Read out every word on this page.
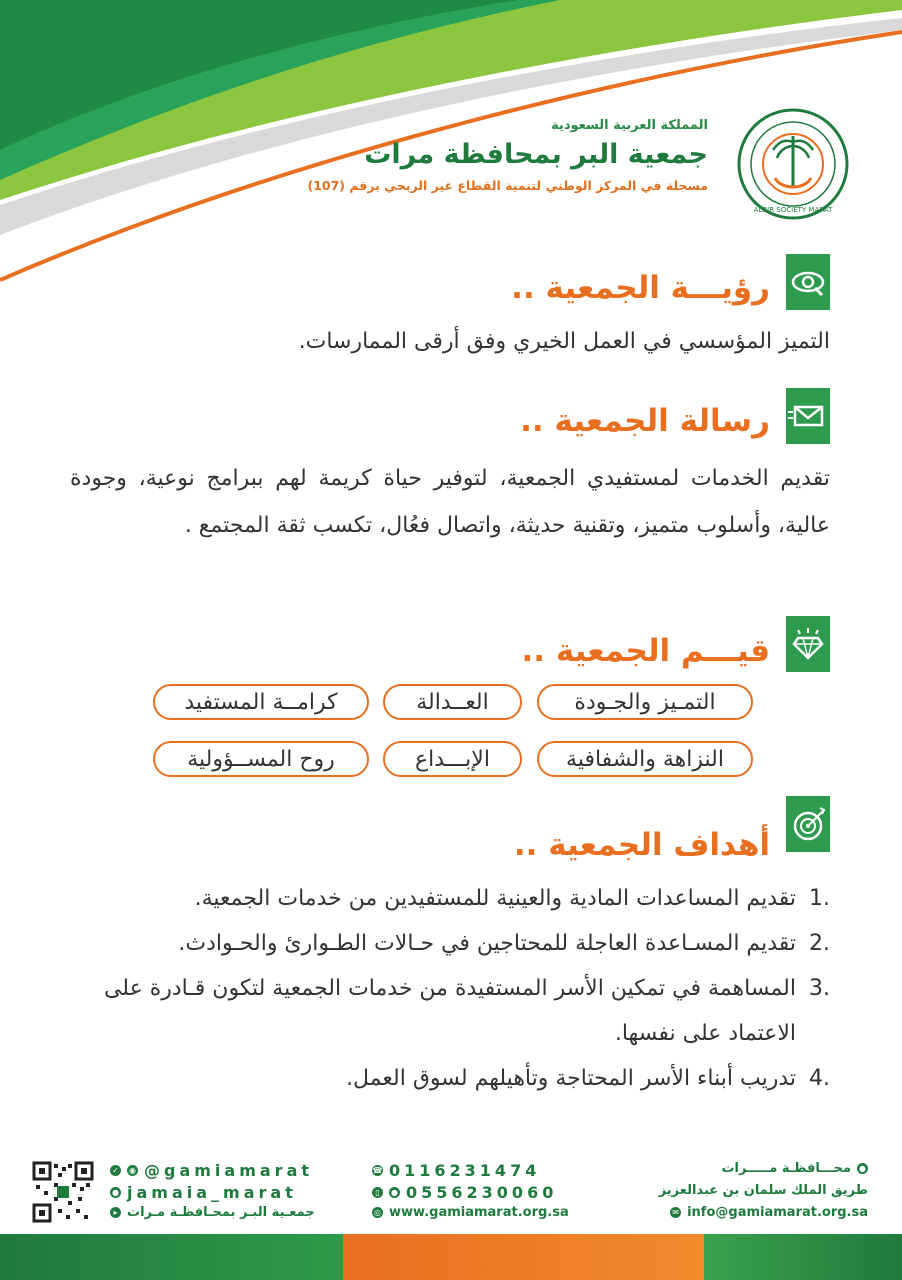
ALBIR SOCIETY MARAT
المملكة العربية السعودية
جمعية البر بمحافظة مرات
مسجلة في المركز الوطني لتنمية القطاع غير الربحي برقم (107)
رؤيـــة الجمعية ..
التميز المؤسسي في العمل الخيري وفق أرقى الممارسات.
رسالة الجمعية ..
تقديم الخدمات لمستفيدي الجمعية، لتوفير حياة كريمة لهم ببرامج نوعية، وجودة عالية، وأسلوب متميز، وتقنية حديثة، واتصال فعُال، تكسب ثقة المجتمع .
قيـــم الجمعية ..
التمـيز والجـودة
العــدالة
كرامــة المستفيد
النزاهة والشفافية
الإبـــداع
روح المســؤولية
أهداف الجمعية ..
1.
تقديم المساعدات المادية والعينية للمستفيدين من خدمات الجمعية.
2.
تقديم المسـاعدة العاجلة للمحتاجين في حـالات الطـوارئ والحـوادث.
3.
المساهمة في تمكين الأسر المستفيدة من خدمات الجمعية لتكون قـادرة على الاعتماد على نفسها.
4.
تدريب أبناء الأسر المحتاجة وتأهيلهم لسوق العمل.
●
محـــافظـة مـــــرات
طريق الملك سلمان بن عبدالعزيز
✉ info@gamiamarat.org.sa
☎ 0116231474
▯	● 0556230060
◎ www.gamiamarat.org.sa
✓ ◉ @gamiamarat
● jamaia_marat
▸ جمعـية البـر بمحـافظـة مـرات
